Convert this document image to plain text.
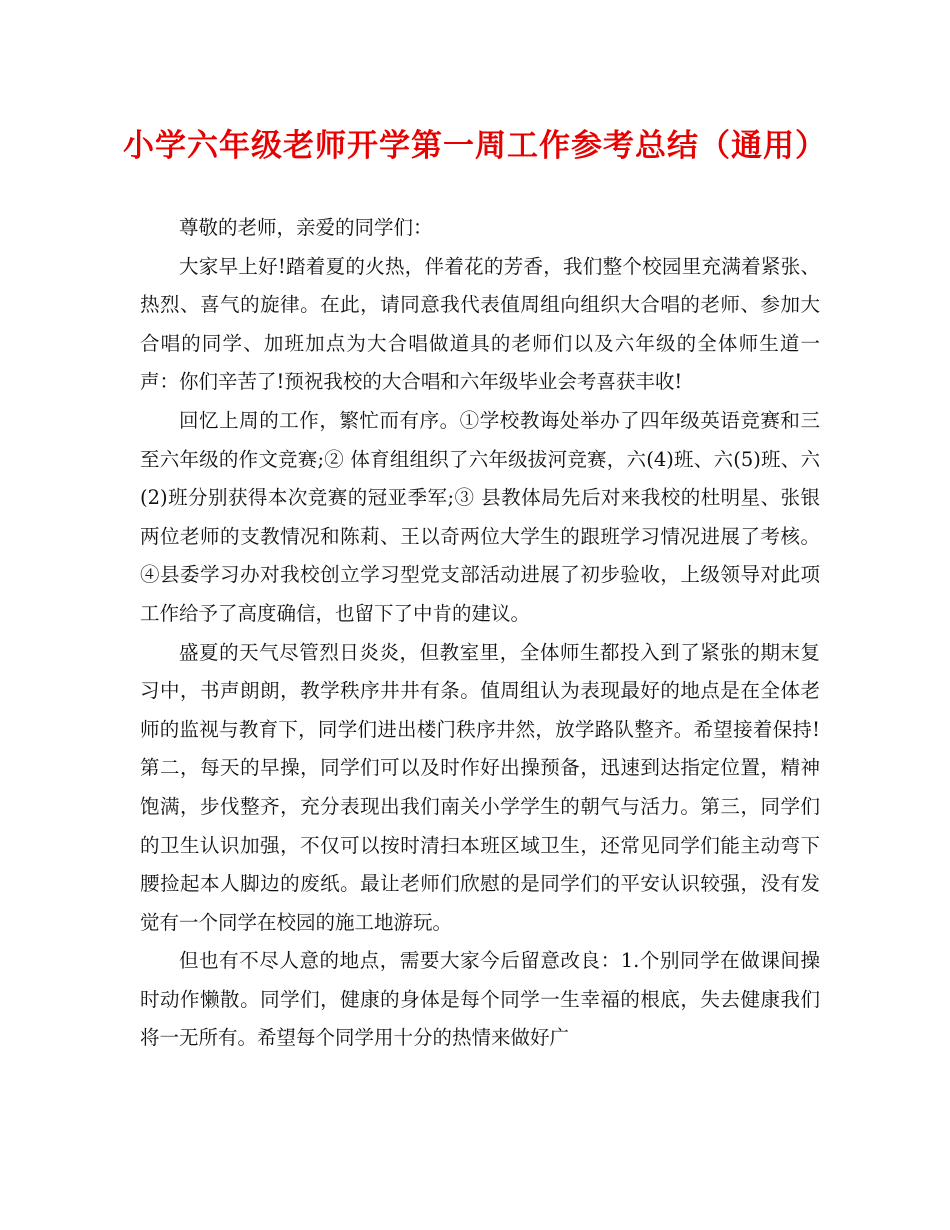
小学六年级老师开学第一周工作参考总结（通用）

尊敬的老师，亲爱的同学们：

大家早上好!踏着夏的火热，伴着花的芳香，我们整个校园里充满着紧张、热烈、喜气的旋律。在此，请同意我代表值周组向组织大合唱的老师、参加大合唱的同学、加班加点为大合唱做道具的老师们以及六年级的全体师生道一声：你们辛苦了!预祝我校的大合唱和六年级毕业会考喜获丰收!

回忆上周的工作，繁忙而有序。①学校教诲处举办了四年级英语竞赛和三至六年级的作文竞赛;② 体育组组织了六年级拔河竞赛，六(4)班、六(5)班、六(2)班分别获得本次竞赛的冠亚季军;③ 县教体局先后对来我校的杜明星、张银两位老师的支教情况和陈莉、王以奇两位大学生的跟班学习情况进展了考核。④县委学习办对我校创立学习型党支部活动进展了初步验收，上级领导对此项工作给予了高度确信，也留下了中肯的建议。

盛夏的天气尽管烈日炎炎，但教室里，全体师生都投入到了紧张的期末复习中，书声朗朗，教学秩序井井有条。值周组认为表现最好的地点是在全体老师的监视与教育下，同学们进出楼门秩序井然，放学路队整齐。希望接着保持!第二，每天的早操，同学们可以及时作好出操预备，迅速到达指定位置，精神饱满，步伐整齐，充分表现出我们南关小学学生的朝气与活力。第三，同学们的卫生认识加强，不仅可以按时清扫本班区域卫生，还常见同学们能主动弯下腰捡起本人脚边的废纸。最让老师们欣慰的是同学们的平安认识较强，没有发觉有一个同学在校园的施工地游玩。

但也有不尽人意的地点，需要大家今后留意改良：1.个别同学在做课间操时动作懒散。同学们，健康的身体是每个同学一生幸福的根底，失去健康我们将一无所有。希望每个同学用十分的热情来做好广
